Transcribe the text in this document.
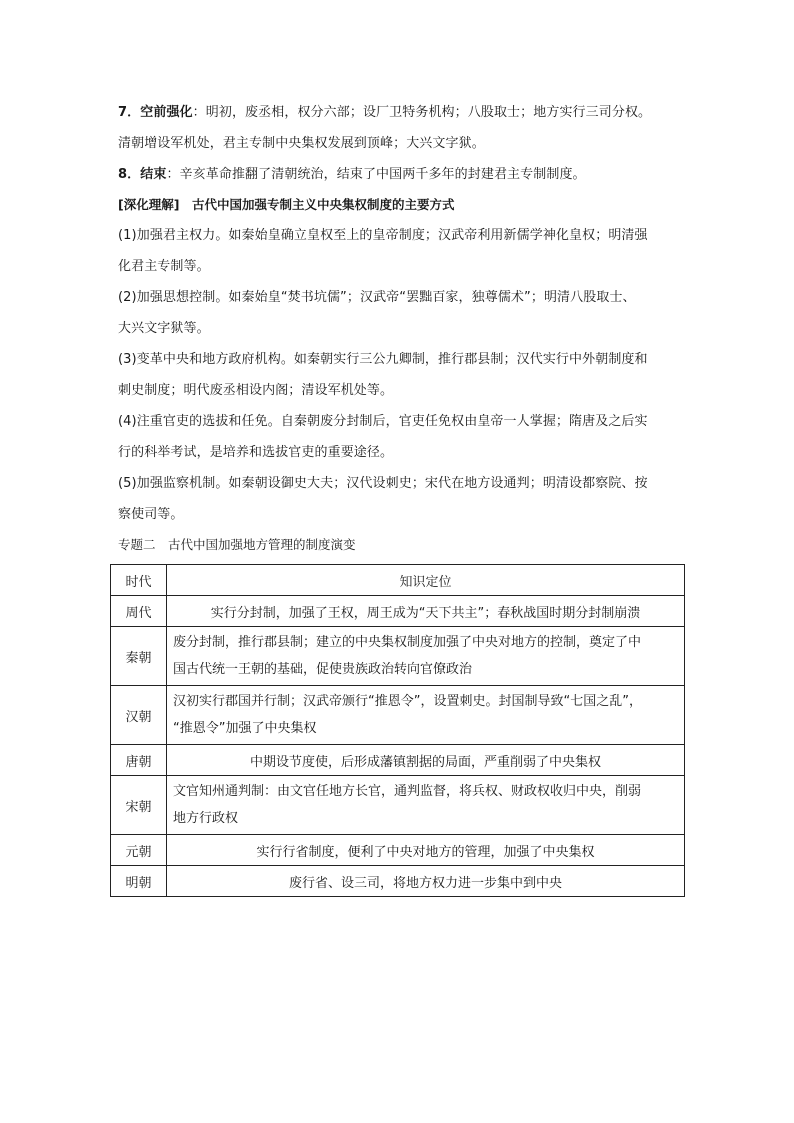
7．空前强化：明初，废丞相，权分六部；设厂卫特务机构；八股取士；地方实行三司分权。

清朝增设军机处，君主专制中央集权发展到顶峰；大兴文字狱。

8．结束：辛亥革命推翻了清朝统治，结束了中国两千多年的封建君主专制制度。

[深化理解]　古代中国加强专制主义中央集权制度的主要方式

(1)加强君主权力。如秦始皇确立皇权至上的皇帝制度；汉武帝利用新儒学神化皇权；明清强

化君主专制等。

(2)加强思想控制。如秦始皇“焚书坑儒”；汉武帝“罢黜百家，独尊儒术”；明清八股取士、

大兴文字狱等。

(3)变革中央和地方政府机构。如秦朝实行三公九卿制，推行郡县制；汉代实行中外朝制度和

刺史制度；明代废丞相设内阁；清设军机处等。

(4)注重官吏的选拔和任免。自秦朝废分封制后，官吏任免权由皇帝一人掌握；隋唐及之后实

行的科举考试，是培养和选拔官吏的重要途径。

(5)加强监察机制。如秦朝设御史大夫；汉代设刺史；宋代在地方设通判；明清设都察院、按

察使司等。

专题二　古代中国加强地方管理的制度演变

时代	知识定位
周代	实行分封制，加强了王权，周王成为“天下共主”；春秋战国时期分封制崩溃
秦朝	废分封制，推行郡县制；建立的中央集权制度加强了中央对地方的控制，奠定了中
国古代统一王朝的基础，促使贵族政治转向官僚政治

汉朝	汉初实行郡国并行制；汉武帝颁行“推恩令”，设置刺史。封国制导致“七国之乱”，
“推恩令”加强了中央集权

唐朝	中期设节度使，后形成藩镇割据的局面，严重削弱了中央集权
宋朝	文官知州通判制：由文官任地方长官，通判监督，将兵权、财政权收归中央，削弱
地方行政权

元朝	实行行省制度，便利了中央对地方的管理，加强了中央集权
明朝	废行省、设三司，将地方权力进一步集中到中央
